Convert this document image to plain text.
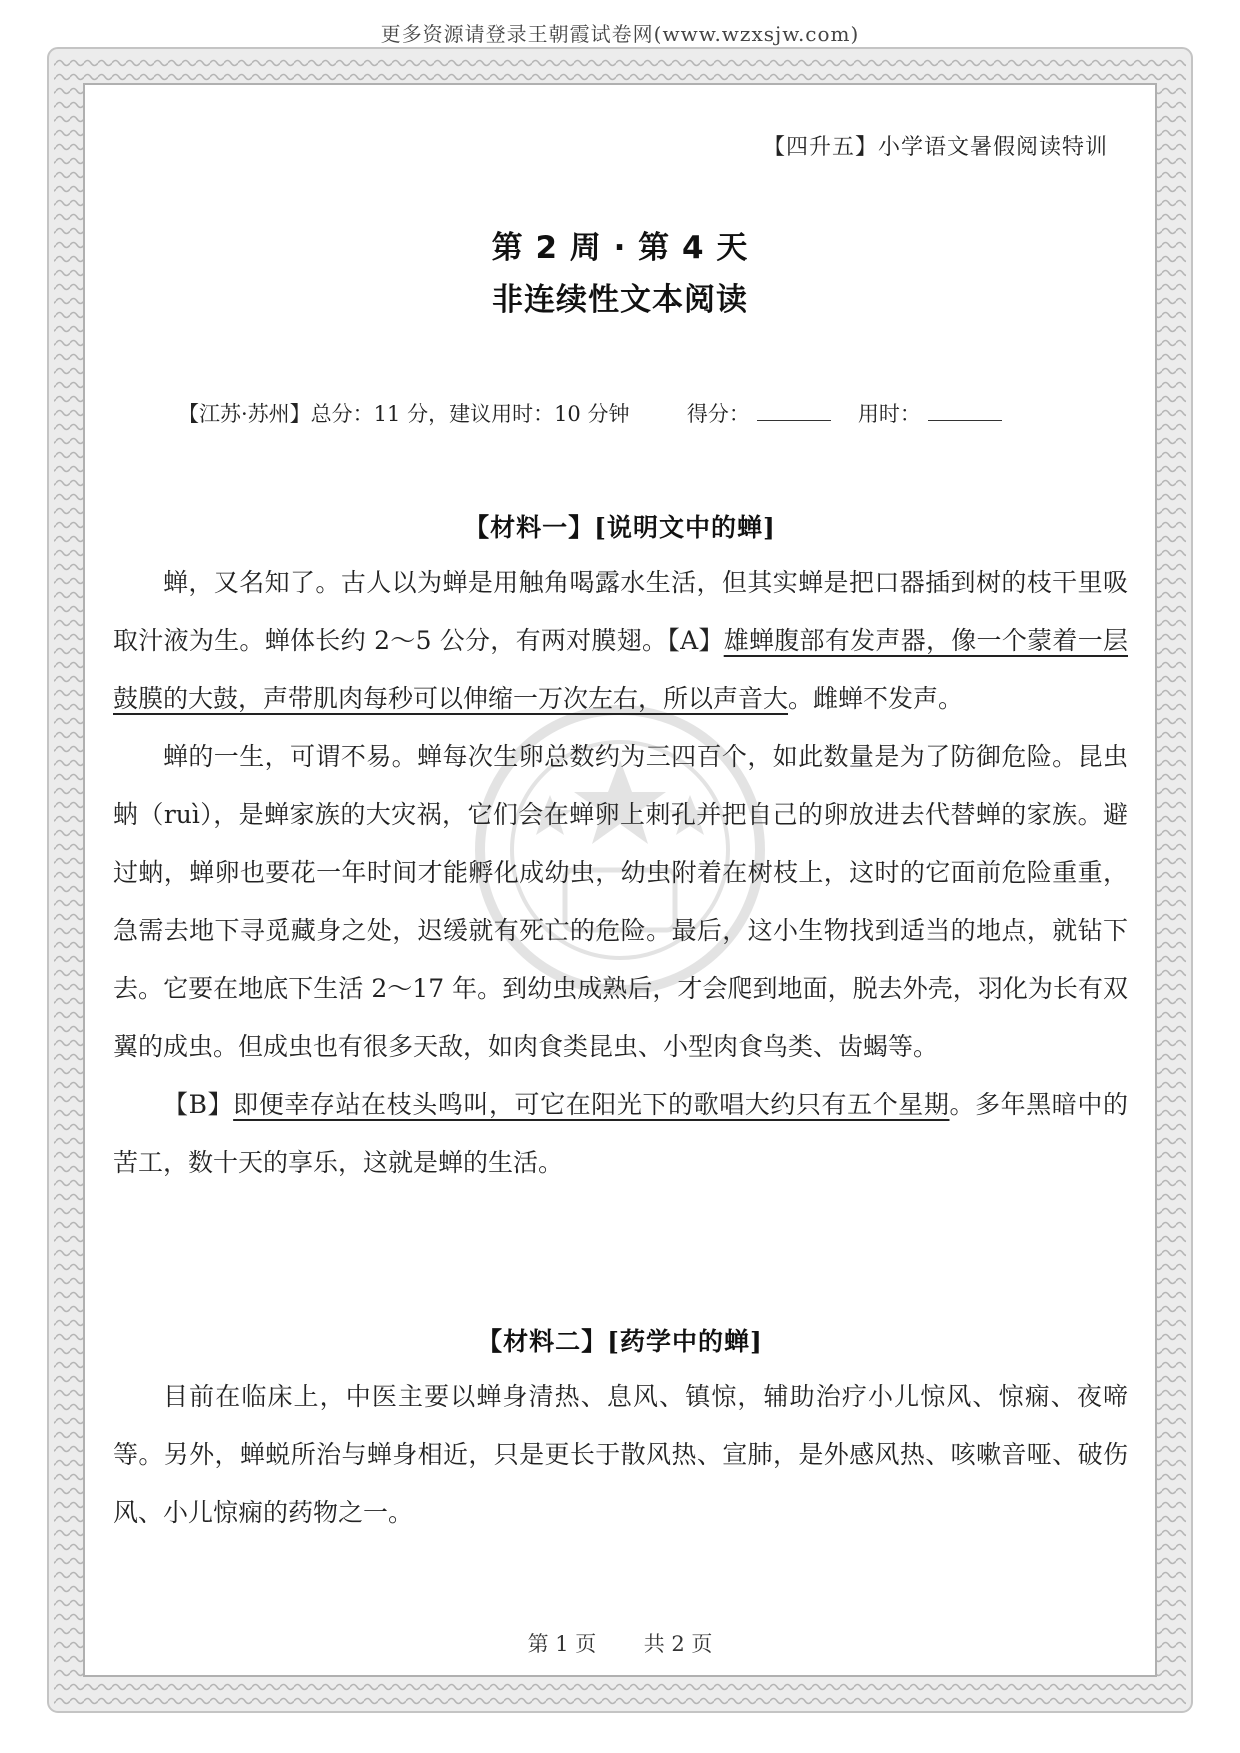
更多资源请登录王朝霞试卷网(www.wzxsjw.com)
【四升五】小学语文暑假阅读特训
第 2 周 · 第 4 天
非连续性文本阅读
【江苏·苏州】总分：11 分，建议用时：10 分钟	得分：	用时：
【材料一】[说明文中的蝉]

蝉，又名知了。古人以为蝉是用触角喝露水生活，但其实蝉是把口器插到树的枝干里吸取汁液为生。蝉体长约 2～5 公分，有两对膜翅。【A】雄蝉腹部有发声器，像一个蒙着一层鼓膜的大鼓，声带肌肉每秒可以伸缩一万次左右，所以声音大。雌蝉不发声。

蝉的一生，可谓不易。蝉每次生卵总数约为三四百个，如此数量是为了防御危险。昆虫蚋（ruì），是蝉家族的大灾祸，它们会在蝉卵上刺孔并把自己的卵放进去代替蝉的家族。避过蚋，蝉卵也要花一年时间才能孵化成幼虫，幼虫附着在树枝上，这时的它面前危险重重，急需去地下寻觅藏身之处，迟缓就有死亡的危险。最后，这小生物找到适当的地点，就钻下去。它要在地底下生活 2～17 年。到幼虫成熟后，才会爬到地面，脱去外壳，羽化为长有双翼的成虫。但成虫也有很多天敌，如肉食类昆虫、小型肉食鸟类、齿蝎等。

【B】即便幸存站在枝头鸣叫，可它在阳光下的歌唱大约只有五个星期。多年黑暗中的苦工，数十天的享乐，这就是蝉的生活。

【材料二】[药学中的蝉]

目前在临床上，中医主要以蝉身清热、息风、镇惊，辅助治疗小儿惊风、惊痫、夜啼等。另外，蝉蜕所治与蝉身相近，只是更长于散风热、宣肺，是外感风热、咳嗽音哑、破伤风、小儿惊痫的药物之一。

第 1 页 共 2 页
